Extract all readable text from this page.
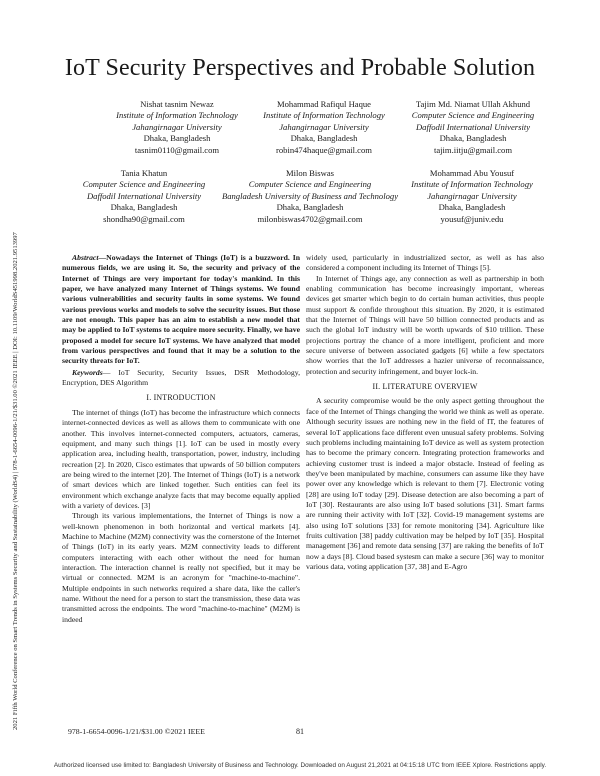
2021 Fifth World Conference on Smart Trends in Systems Security and Sustainability (WorldS4) | 978-1-6654-0096-1/21/$31.00 ©2021 IEEE | DOI: 10.1109/WorldS451998.2021.9513997
IoT Security Perspectives and Probable Solution
Nishat tasnim Newaz
Institute of Information Technology
Jahangirnagar University
Dhaka, Bangladesh
tasnim0110@gmail.com
Mohammad Rafiqul Haque
Institute of Information Technology
Jahangirnagar University
Dhaka, Bangladesh
robin474haque@gmail.com
Tajim Md. Niamat Ullah Akhund
Computer Science and Engineering
Daffodil International University
Dhaka, Bangladesh
tajim.iitju@gmail.com
Tania Khatun
Computer Science and Engineering
Daffodil International University
Dhaka, Bangladesh
shondha90@gmail.com
Milon Biswas
Computer Science and Engineering
Bangladesh University of Business and Technology
Dhaka, Bangladesh
milonbiswas4702@gmail.com
Mohammad Abu Yousuf
Institute of Information Technology
Jahangirnagar University
Dhaka, Bangladesh
yousuf@juniv.edu

Abstract—Nowadays the Internet of Things (IoT) is a buzzword. In numerous fields, we are using it. So, the security and privacy of the Internet of Things are very important for today's mankind. In this paper, we have analyzed many Internet of Things systems. We found various vulnerabilities and security faults in some systems. We found various previous works and models to solve the security issues. But those are not enough. This paper has an aim to establish a new model that may be applied to IoT systems to acquire more security. Finally, we have proposed a model for secure IoT systems. We have analyzed that model from various perspectives and found that it may be a solution to the security threats for IoT.

Keywords— IoT Security, Security Issues, DSR Methodology, Encryption, DES Algorithm

I. INTRODUCTION

The internet of things (IoT) has become the infrastructure which connects internet-connected devices as well as allows them to communicate with one another. This involves internet-connected computers, actuators, cameras, equipment, and many such things [1]. IoT can be used in mostly every application area, including health, transportation, power, industry, including recreation [2]. In 2020, Cisco estimates that upwards of 50 billion computers are being wired to the internet [20]. The Internet of Things (IoT) is a network of smart devices which are linked together. Such entities can feel its environment which exchange analyze facts that may become equally applied with a variety of devices. [3]

Through its various implementations, the Internet of Things is now a well-known phenomenon in both horizontal and vertical markets [4]. Machine to Machine (M2M) connectivity was the cornerstone of the Internet of Things (IoT) in its early years. M2M connectivity leads to different computers interacting with each other without the need for human interaction. The interaction channel is really not specified, but it may be virtual or connected. M2M is an acronym for "machine-to-machine". Multiple endpoints in such networks required a share data, like the caller's name. Without the need for a person to start the transmission, these data was transmitted across the endpoints. The word "machine-to-machine" (M2M) is indeed

widely used, particularly in industrialized sector, as well as has also considered a component including its Internet of Things [5].

In Internet of Things age, any connection as well as partnership in both enabling communication has become increasingly important, whereas devices get smarter which begin to do certain human activities, thus people must support & confide throughout this situation. By 2020, it is estimated that the Internet of Things will have 50 billion connected products and as such the global IoT industry will be worth upwards of $10 trillion. These projections portray the chance of a more intelligent, proficient and more secure universe of between associated gadgets [6] while a few spectators show worries that the IoT addresses a hazier universe of reconnaissance, protection and security infringement, and buyer lock-in.

II. LITERATURE OVERVIEW

A security compromise would be the only aspect getting throughout the face of the Internet of Things changing the world we think as well as operate. Although security issues are nothing new in the field of IT, the features of several IoT applications face different even unusual safety problems. Solving such problems including maintaining IoT device as well as system protection has to become the primary concern. Integrating protection frameworks and achieving customer trust is indeed a major obstacle. Instead of feeling as they've been manipulated by machine, consumers can assume like they have power over any knowledge which is relevant to them [7]. Electronic voting [28] are using IoT today [29]. Disease detection are also becoming a part of IoT [30]. Restaurants are also using IoT based solutions [31]. Smart farms are running their activity with IoT [32]. Covid-19 management systems are also using IoT solutions [33] for remote monitoring [34]. Agriculture like fruits cultivation [38] paddy cultivation may be helped by IoT [35]. Hospital management [36] and remote data sensing [37] are raking the benefits of IoT now a days [8]. Cloud based systesm can make a secure [36] way to monitor various data, voting application [37, 38] and E-Agro

978-1-6654-0096-1/21/$31.00 ©2021 IEEE	81
Authorized licensed use limited to: Bangladesh University of Business and Technology. Downloaded on August 21,2021 at 04:15:18 UTC from IEEE Xplore. Restrictions apply.
